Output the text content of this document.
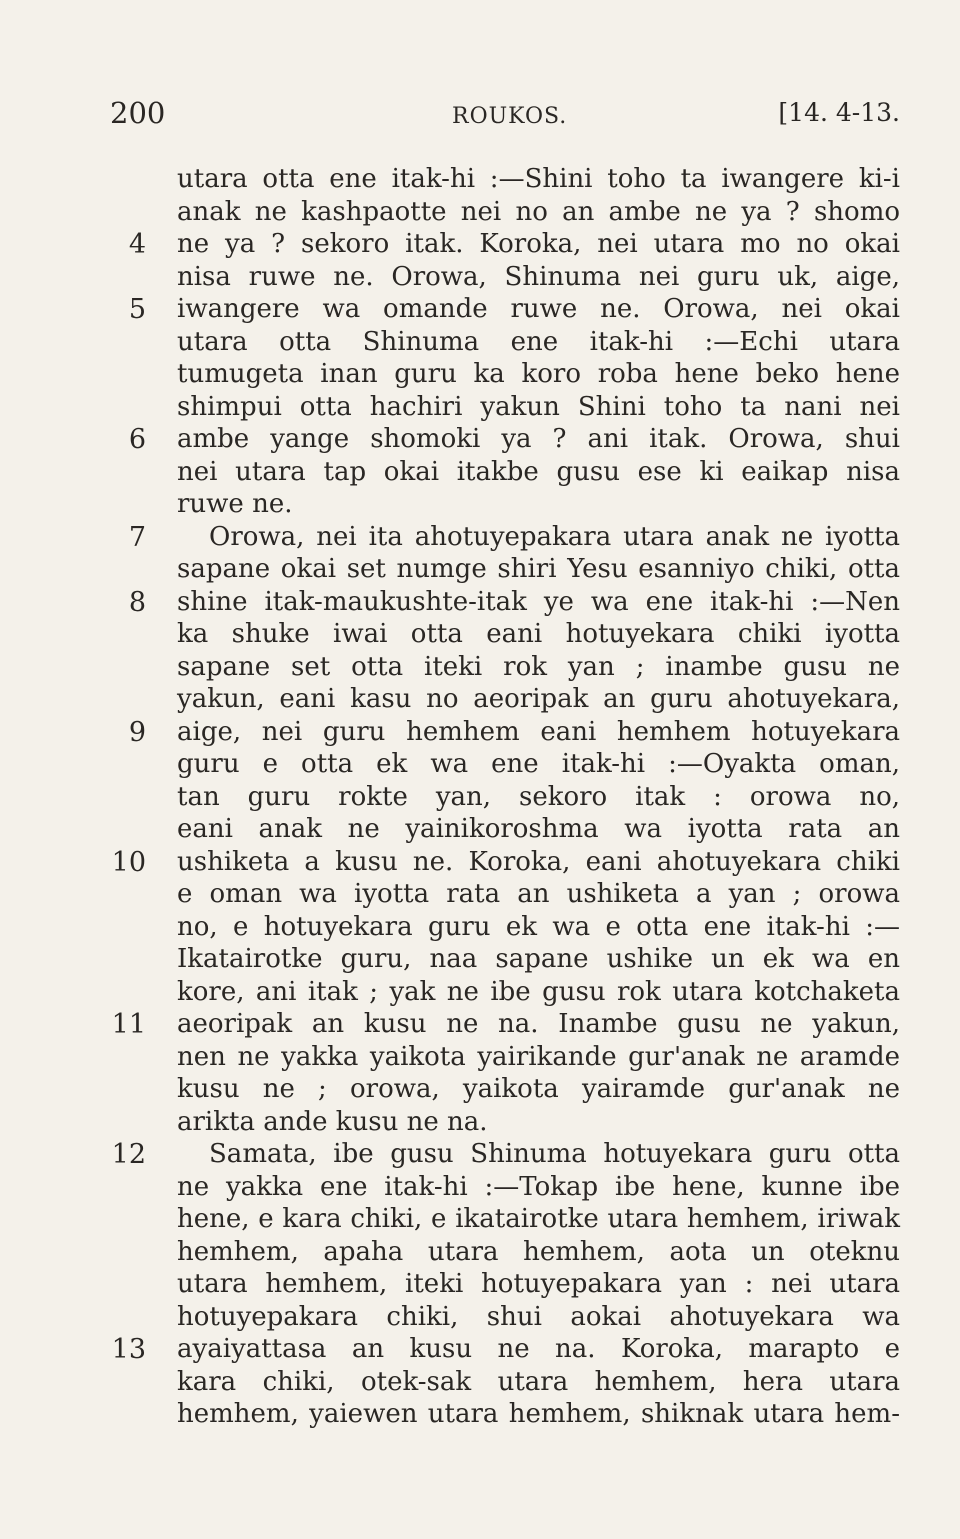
200	ROUKOS.	[14. 4-13.
utara otta ene itak-hi :—Shini toho ta iwangere ki-i
anak ne kashpaotte nei no an ambe ne ya ? shomo
4 ne ya ? sekoro itak. Koroka, nei utara mo no okai
nisa ruwe ne. Orowa, Shinuma nei guru uk, aige,
5 iwangere wa omande ruwe ne. Orowa, nei okai
utara otta Shinuma ene itak-hi :—Echi utara
tumugeta inan guru ka koro roba hene beko hene
shimpui otta hachiri yakun Shini toho ta nani nei
6 ambe yange shomoki ya ? ani itak. Orowa, shui
nei utara tap okai itakbe gusu ese ki eaikap nisa
ruwe ne.
7	Orowa, nei ita ahotuyepakara utara anak ne iyotta
sapane okai set numge shiri Yesu esanniyo chiki, otta
8 shine itak-maukushte-itak ye wa ene itak-hi :—Nen
ka shuke iwai otta eani hotuyekara chiki iyotta
sapane set otta iteki rok yan ; inambe gusu ne
yakun, eani kasu no aeoripak an guru ahotuyekara,
9 aige, nei guru hemhem eani hemhem hotuyekara
guru e otta ek wa ene itak-hi :—Oyakta oman,
tan guru rokte yan, sekoro itak : orowa no,
eani anak ne yainikoroshma wa iyotta rata an
10 ushiketa a kusu ne. Koroka, eani ahotuyekara chiki
e oman wa iyotta rata an ushiketa a yan ; orowa
no, e hotuyekara guru ek wa e otta ene itak-hi :—
Ikatairotke guru, naa sapane ushike un ek wa en
kore, ani itak ; yak ne ibe gusu rok utara kotchaketa
11 aeoripak an kusu ne na. Inambe gusu ne yakun,
nen ne yakka yaikota yairikande gur'anak ne aramde
kusu ne ; orowa, yaikota yairamde gur'anak ne
arikta ande kusu ne na.
12	Samata, ibe gusu Shinuma hotuyekara guru otta
ne yakka ene itak-hi :—Tokap ibe hene, kunne ibe
hene, e kara chiki, e ikatairotke utara hemhem, iriwak
hemhem, apaha utara hemhem, aota un oteknu
utara hemhem, iteki hotuyepakara yan : nei utara
hotuyepakara chiki, shui aokai ahotuyekara wa
13 ayaiyattasa an kusu ne na. Koroka, marapto e
kara chiki, otek-sak utara hemhem, hera utara
hemhem, yaiewen utara hemhem, shiknak utara hem-
